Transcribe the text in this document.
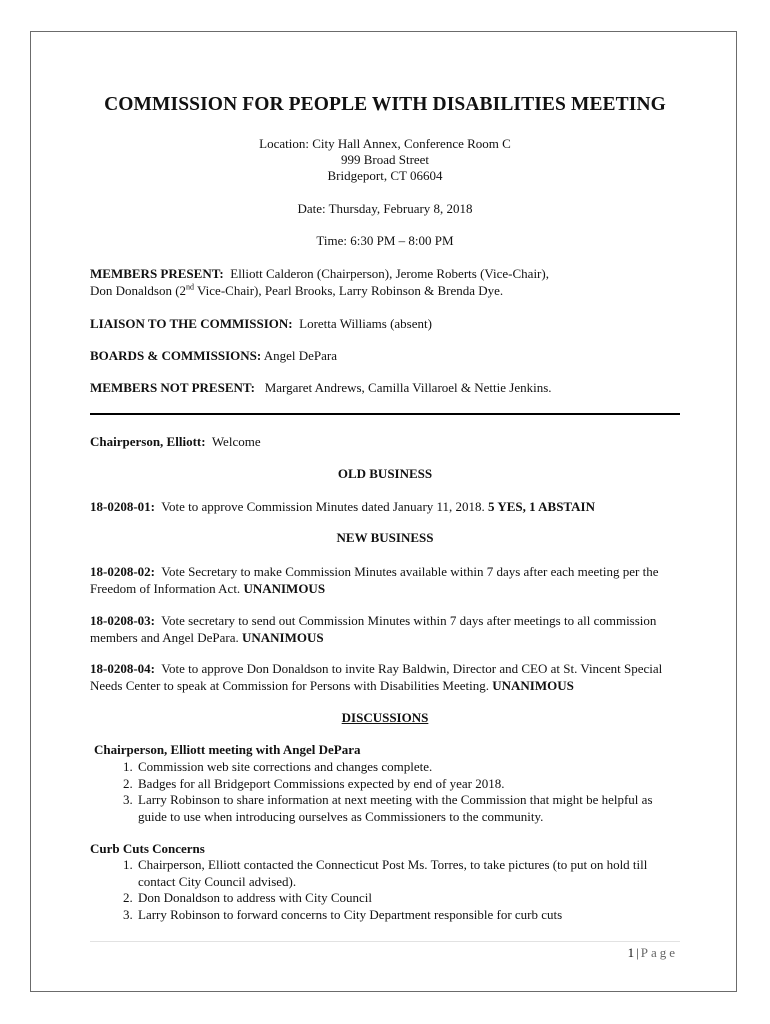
COMMISSION FOR PEOPLE WITH DISABILITIES MEETING
Location: City Hall Annex, Conference Room C
999 Broad Street
Bridgeport, CT 06604
Date: Thursday, February 8, 2018
Time: 6:30 PM – 8:00 PM
MEMBERS PRESENT: Elliott Calderon (Chairperson), Jerome Roberts (Vice-Chair),
Don Donaldson (2nd Vice-Chair), Pearl Brooks, Larry Robinson & Brenda Dye.
LIAISON TO THE COMMISSION: Loretta Williams (absent)
BOARDS & COMMISSIONS: Angel DePara
MEMBERS NOT PRESENT: Margaret Andrews, Camilla Villaroel & Nettie Jenkins.
Chairperson, Elliott: Welcome
OLD BUSINESS
18-0208-01: Vote to approve Commission Minutes dated January 11, 2018. 5 YES, 1 ABSTAIN
NEW BUSINESS
18-0208-02: Vote Secretary to make Commission Minutes available within 7 days after each meeting per the Freedom of Information Act. UNANIMOUS
18-0208-03: Vote secretary to send out Commission Minutes within 7 days after meetings to all commission members and Angel DePara. UNANIMOUS
18-0208-04: Vote to approve Don Donaldson to invite Ray Baldwin, Director and CEO at St. Vincent Special Needs Center to speak at Commission for Persons with Disabilities Meeting. UNANIMOUS
DISCUSSIONS
Chairperson, Elliott meeting with Angel DePara
1. Commission web site corrections and changes complete.
2. Badges for all Bridgeport Commissions expected by end of year 2018.
3. Larry Robinson to share information at next meeting with the Commission that might be helpful as guide to use when introducing ourselves as Commissioners to the community.
Curb Cuts Concerns
1. Chairperson, Elliott contacted the Connecticut Post Ms. Torres, to take pictures (to put on hold till contact City Council advised).
2. Don Donaldson to address with City Council
3. Larry Robinson to forward concerns to City Department responsible for curb cuts
1 | Page
